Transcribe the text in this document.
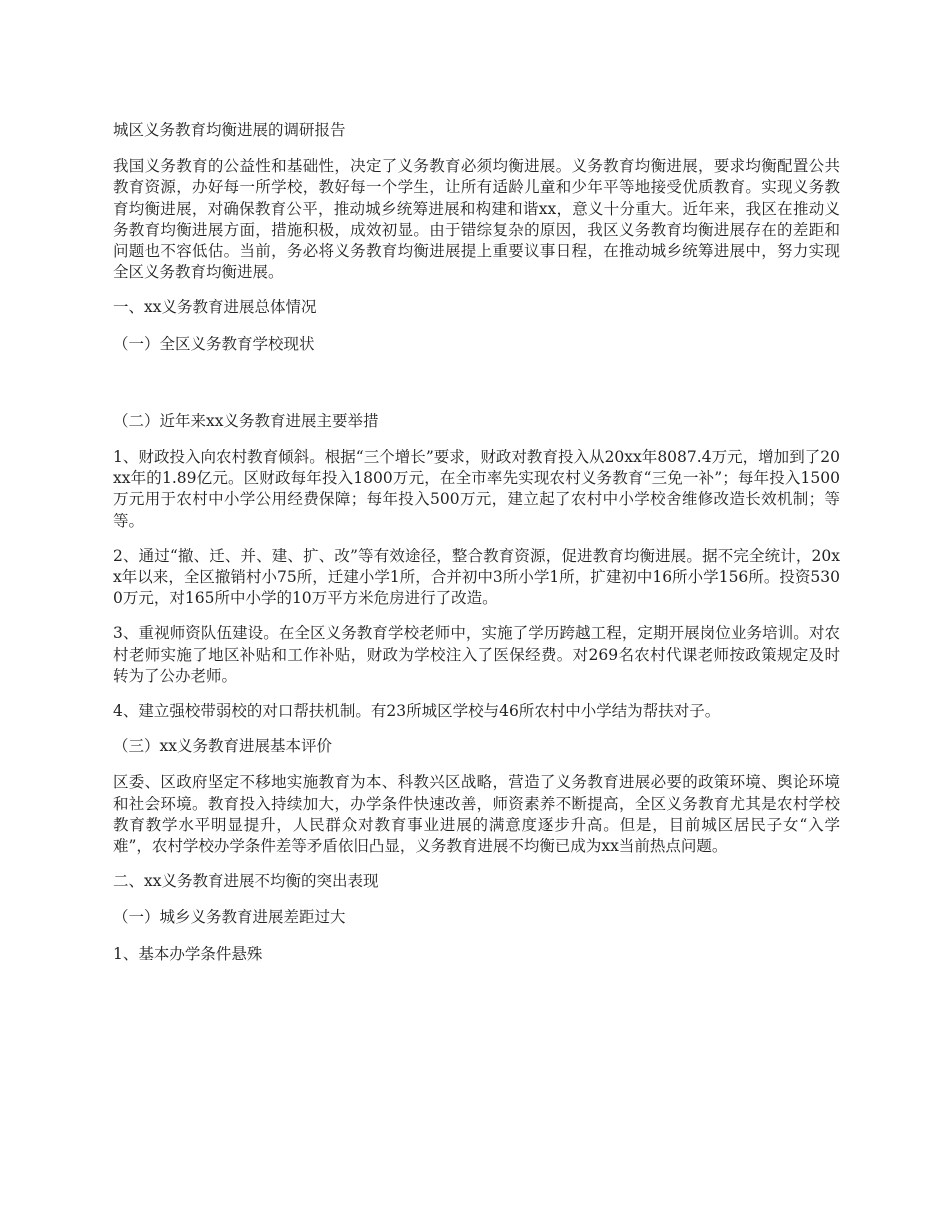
城区义务教育均衡进展的调研报告

我国义务教育的公益性和基础性，决定了义务教育必须均衡进展。义务教育均衡进展，要求均衡配置公共教育资源，办好每一所学校，教好每一个学生，让所有适龄儿童和少年平等地接受优质教育。实现义务教育均衡进展，对确保教育公平，推动城乡统筹进展和构建和谐xx，意义十分重大。近年来，我区在推动义务教育均衡进展方面，措施积极，成效初显。由于错综复杂的原因，我区义务教育均衡进展存在的差距和问题也不容低估。当前，务必将义务教育均衡进展提上重要议事日程，在推动城乡统筹进展中，努力实现全区义务教育均衡进展。

一、xx义务教育进展总体情况

（一）全区义务教育学校现状

（二）近年来xx义务教育进展主要举措

1、财政投入向农村教育倾斜。根据“三个增长”要求，财政对教育投入从20xx年8087.4万元，增加到了20xx年的1.89亿元。区财政每年投入1800万元，在全市率先实现农村义务教育“三免一补”；每年投入1500万元用于农村中小学公用经费保障；每年投入500万元，建立起了农村中小学校舍维修改造长效机制；等等。

2、通过“撤、迁、并、建、扩、改”等有效途径，整合教育资源，促进教育均衡进展。据不完全统计，20xx年以来，全区撤销村小75所，迁建小学1所，合并初中3所小学1所，扩建初中16所小学156所。投资5300万元，对165所中小学的10万平方米危房进行了改造。

3、重视师资队伍建设。在全区义务教育学校老师中，实施了学历跨越工程，定期开展岗位业务培训。对农村老师实施了地区补贴和工作补贴，财政为学校注入了医保经费。对269名农村代课老师按政策规定及时转为了公办老师。

4、建立强校带弱校的对口帮扶机制。有23所城区学校与46所农村中小学结为帮扶对子。

（三）xx义务教育进展基本评价

区委、区政府坚定不移地实施教育为本、科教兴区战略，营造了义务教育进展必要的政策环境、舆论环境和社会环境。教育投入持续加大，办学条件快速改善，师资素养不断提高，全区义务教育尤其是农村学校教育教学水平明显提升，人民群众对教育事业进展的满意度逐步升高。但是，目前城区居民子女“入学难”，农村学校办学条件差等矛盾依旧凸显，义务教育进展不均衡已成为xx当前热点问题。

二、xx义务教育进展不均衡的突出表现

（一）城乡义务教育进展差距过大

1、基本办学条件悬殊
